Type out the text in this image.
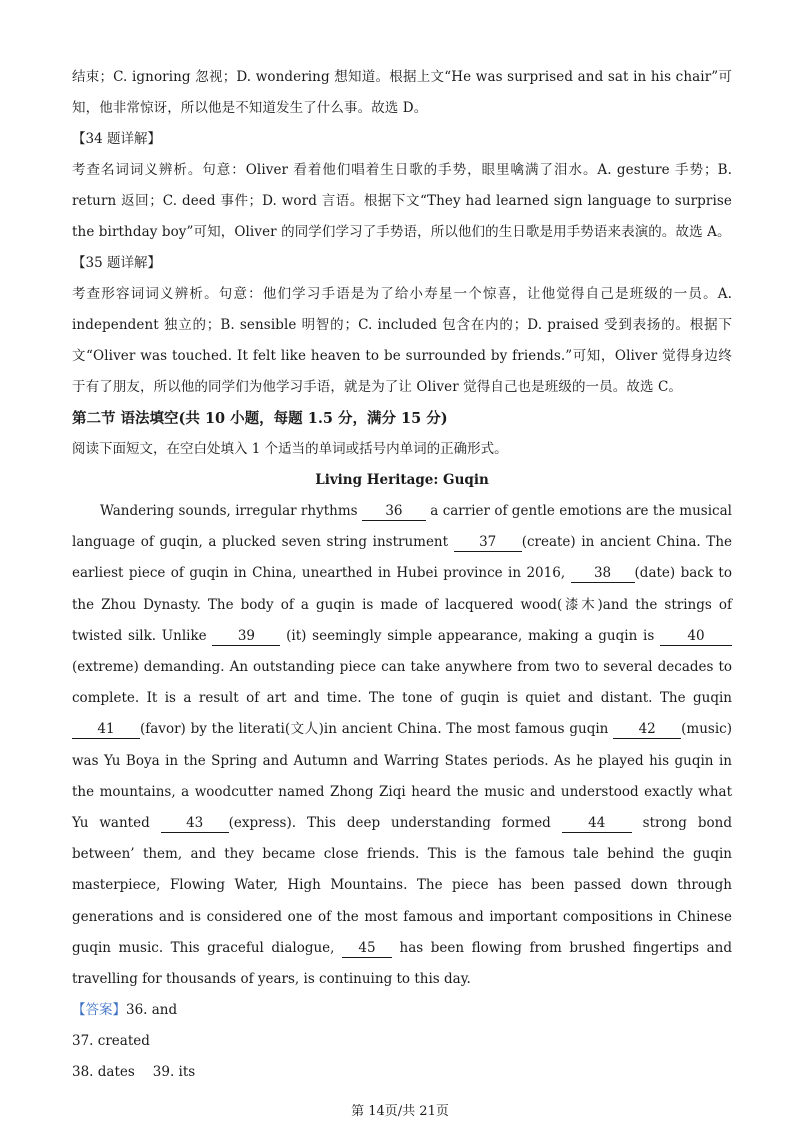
结束；C. ignoring 忽视；D. wondering 想知道。根据上文“He was surprised and sat in his chair”可知，他非常惊讶，所以他是不知道发生了什么事。故选 D。

【34 题详解】

考查名词词义辨析。句意：Oliver 看着他们唱着生日歌的手势，眼里噙满了泪水。A. gesture 手势；B. return 返回；C. deed 事件；D. word 言语。根据下文“They had learned sign language to surprise the birthday boy”可知，Oliver 的同学们学习了手势语，所以他们的生日歌是用手势语来表演的。故选 A。

【35 题详解】

考查形容词词义辨析。句意：他们学习手语是为了给小寿星一个惊喜，让他觉得自己是班级的一员。A. independent 独立的；B. sensible 明智的；C. included 包含在内的；D. praised 受到表扬的。根据下文“Oliver was touched. It felt like heaven to be surrounded by friends.”可知，Oliver 觉得身边终于有了朋友，所以他的同学们为他学习手语，就是为了让 Oliver 觉得自己也是班级的一员。故选 C。

第二节 语法填空(共 10 小题，每题 1.5 分，满分 15 分)

阅读下面短文，在空白处填入 1 个适当的单词或括号内单词的正确形式。

Living Heritage: Guqin

Wandering sounds, irregular rhythms 36 a carrier of gentle emotions are the musical language of guqin, a plucked seven string instrument 37 (create) in ancient China. The earliest piece of guqin in China, unearthed in Hubei province in 2016, 38 (date) back to the Zhou Dynasty. The body of a guqin is made of lacquered wood(漆木)and the strings of twisted silk. Unlike 39 (it) seemingly simple appearance, making a guqin is 40(extreme) demanding. An outstanding piece can take anywhere from two to several decades to complete. It is a result of art and time. The tone of guqin is quiet and distant. The guqin 41 (favor) by the literati(文人)in ancient China. The most famous guqin 42 (music) was Yu Boya in the Spring and Autumn and Warring States periods. As he played his guqin in the mountains, a woodcutter named Zhong Ziqi heard the music and understood exactly what Yu wanted 43 (express). This deep understanding formed 44 strong bond between’ them, and they became close friends. This is the famous tale behind the guqin masterpiece, Flowing Water, High Mountains. The piece has been passed down through generations and is considered one of the most famous and important compositions in Chinese guqin music. This graceful dialogue, 45 has been flowing from brushed fingertips and travelling for thousands of years, is continuing to this day.

【答案】36. and

37. created

38. dates 39. its

第 14页/共 21页
